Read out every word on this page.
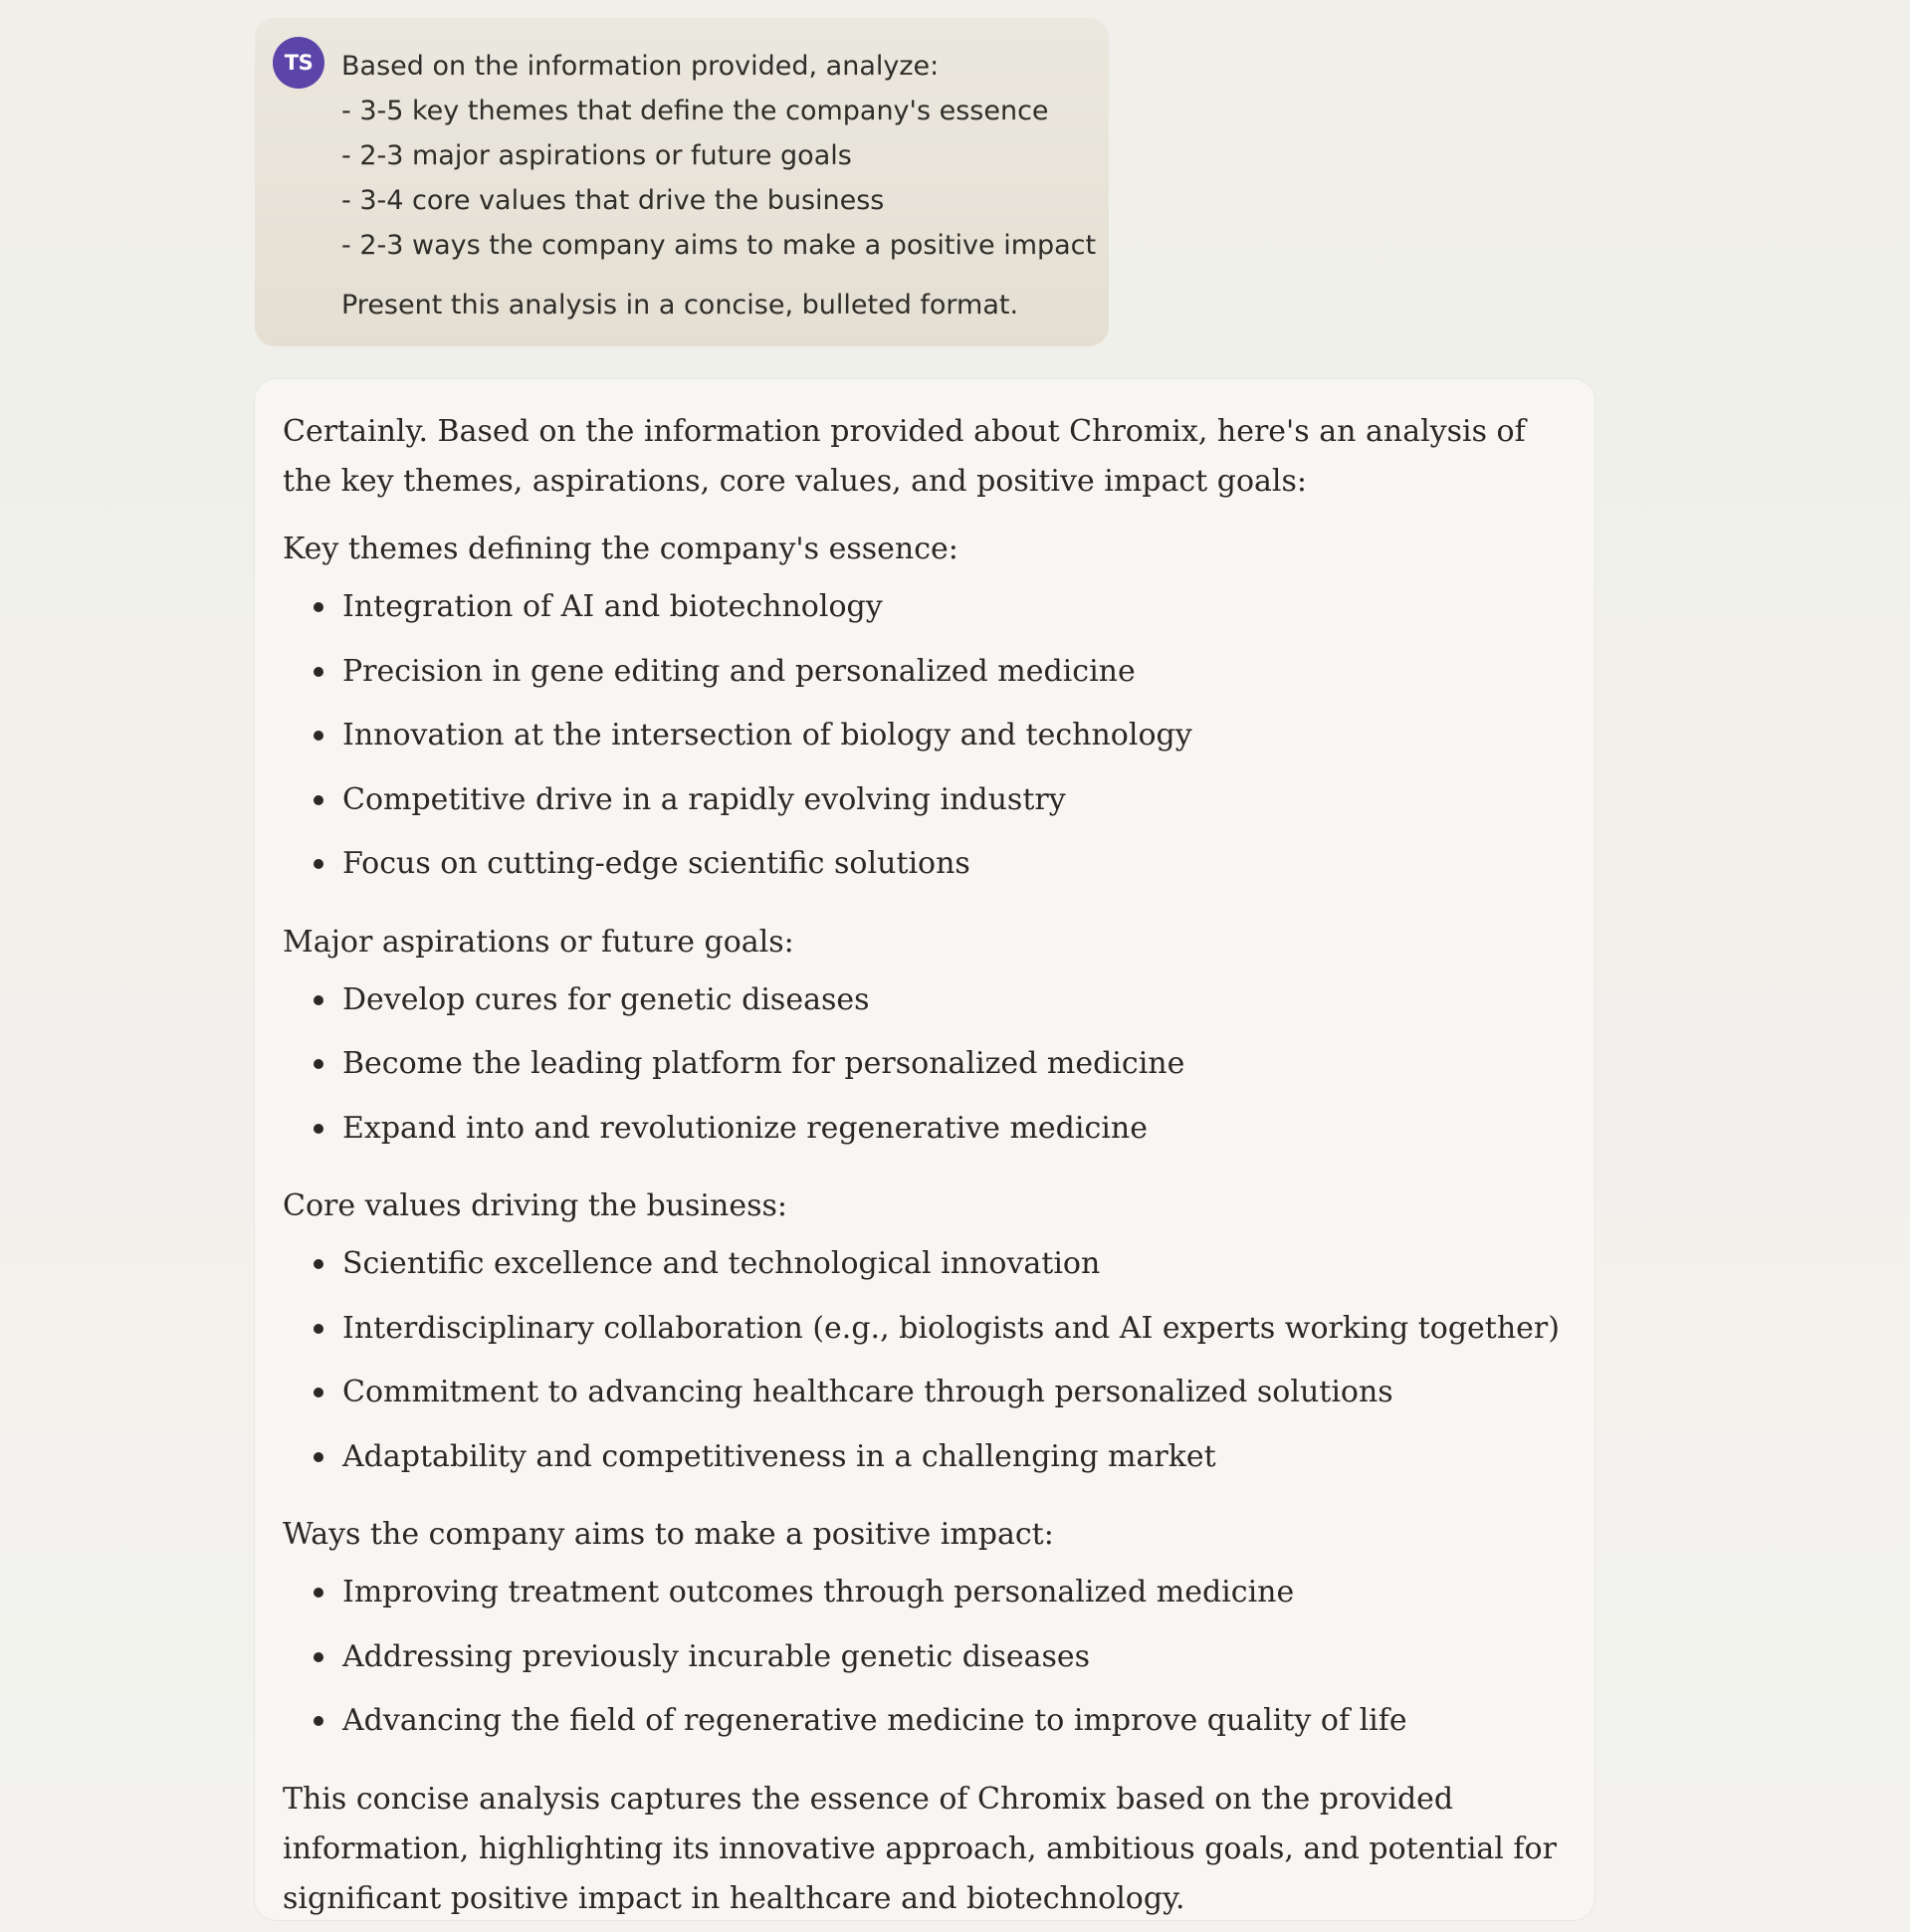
TS	Based on the information provided, analyze:
- 3-5 key themes that define the company's essence
- 2-3 major aspirations or future goals
- 3-4 core values that drive the business
- 2-3 ways the company aims to make a positive impact
Present this analysis in a concise, bulleted format.

Certainly. Based on the information provided about Chromix, here's an analysis of the key themes, aspirations, core values, and positive impact goals:

Key themes defining the company's essence:

Integration of AI and biotechnology
Precision in gene editing and personalized medicine
Innovation at the intersection of biology and technology
Competitive drive in a rapidly evolving industry
Focus on cutting-edge scientific solutions

Major aspirations or future goals:

Develop cures for genetic diseases
Become the leading platform for personalized medicine
Expand into and revolutionize regenerative medicine

Core values driving the business:

Scientific excellence and technological innovation
Interdisciplinary collaboration (e.g., biologists and AI experts working together)
Commitment to advancing healthcare through personalized solutions
Adaptability and competitiveness in a challenging market

Ways the company aims to make a positive impact:

Improving treatment outcomes through personalized medicine
Addressing previously incurable genetic diseases
Advancing the field of regenerative medicine to improve quality of life

This concise analysis captures the essence of Chromix based on the provided information, highlighting its innovative approach, ambitious goals, and potential for significant positive impact in healthcare and biotechnology.
